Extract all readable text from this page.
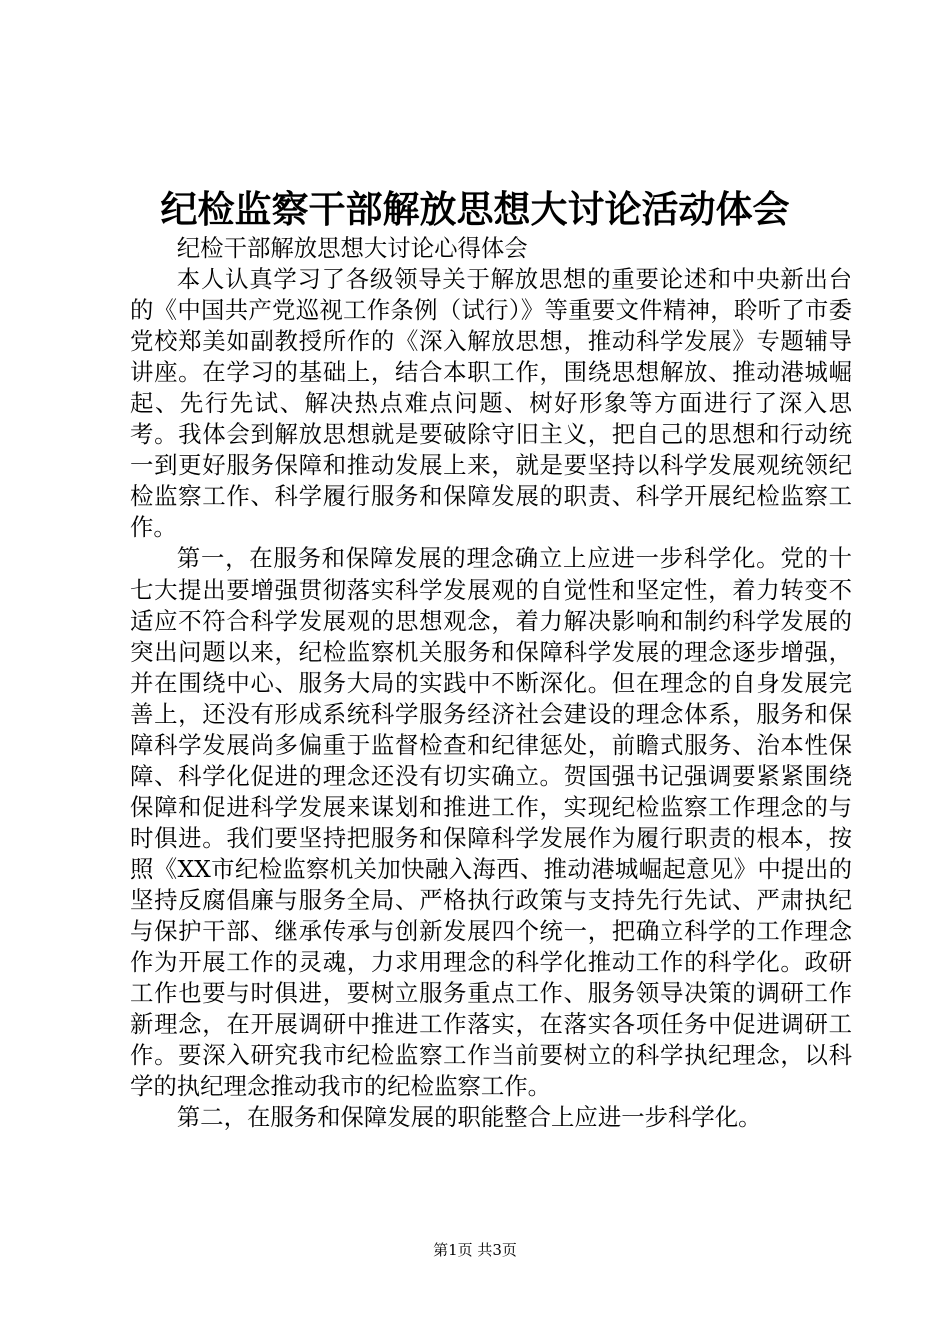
纪检监察干部解放思想大讨论活动体会

纪检干部解放思想大讨论心得体会

本人认真学习了各级领导关于解放思想的重要论述和中央新出台的《中国共产党巡视工作条例（试行）》等重要文件精神，聆听了市委党校郑美如副教授所作的《深入解放思想，推动科学发展》专题辅导讲座。在学习的基础上，结合本职工作，围绕思想解放、推动港城崛起、先行先试、解决热点难点问题、树好形象等方面进行了深入思考。我体会到解放思想就是要破除守旧主义，把自己的思想和行动统一到更好服务保障和推动发展上来，就是要坚持以科学发展观统领纪检监察工作、科学履行服务和保障发展的职责、科学开展纪检监察工作。

第一，在服务和保障发展的理念确立上应进一步科学化。党的十七大提出要增强贯彻落实科学发展观的自觉性和坚定性，着力转变不适应不符合科学发展观的思想观念，着力解决影响和制约科学发展的突出问题以来，纪检监察机关服务和保障科学发展的理念逐步增强，并在围绕中心、服务大局的实践中不断深化。但在理念的自身发展完善上，还没有形成系统科学服务经济社会建设的理念体系，服务和保障科学发展尚多偏重于监督检查和纪律惩处，前瞻式服务、治本性保障、科学化促进的理念还没有切实确立。贺国强书记强调要紧紧围绕保障和促进科学发展来谋划和推进工作，实现纪检监察工作理念的与时俱进。我们要坚持把服务和保障科学发展作为履行职责的根本，按照《XX市纪检监察机关加快融入海西、推动港城崛起意见》中提出的坚持反腐倡廉与服务全局、严格执行政策与支持先行先试、严肃执纪与保护干部、继承传承与创新发展四个统一，把确立科学的工作理念作为开展工作的灵魂，力求用理念的科学化推动工作的科学化。政研工作也要与时俱进，要树立服务重点工作、服务领导决策的调研工作新理念，在开展调研中推进工作落实，在落实各项任务中促进调研工作。要深入研究我市纪检监察工作当前要树立的科学执纪理念，以科学的执纪理念推动我市的纪检监察工作。

第二，在服务和保障发展的职能整合上应进一步科学化。

第1页 共3页
